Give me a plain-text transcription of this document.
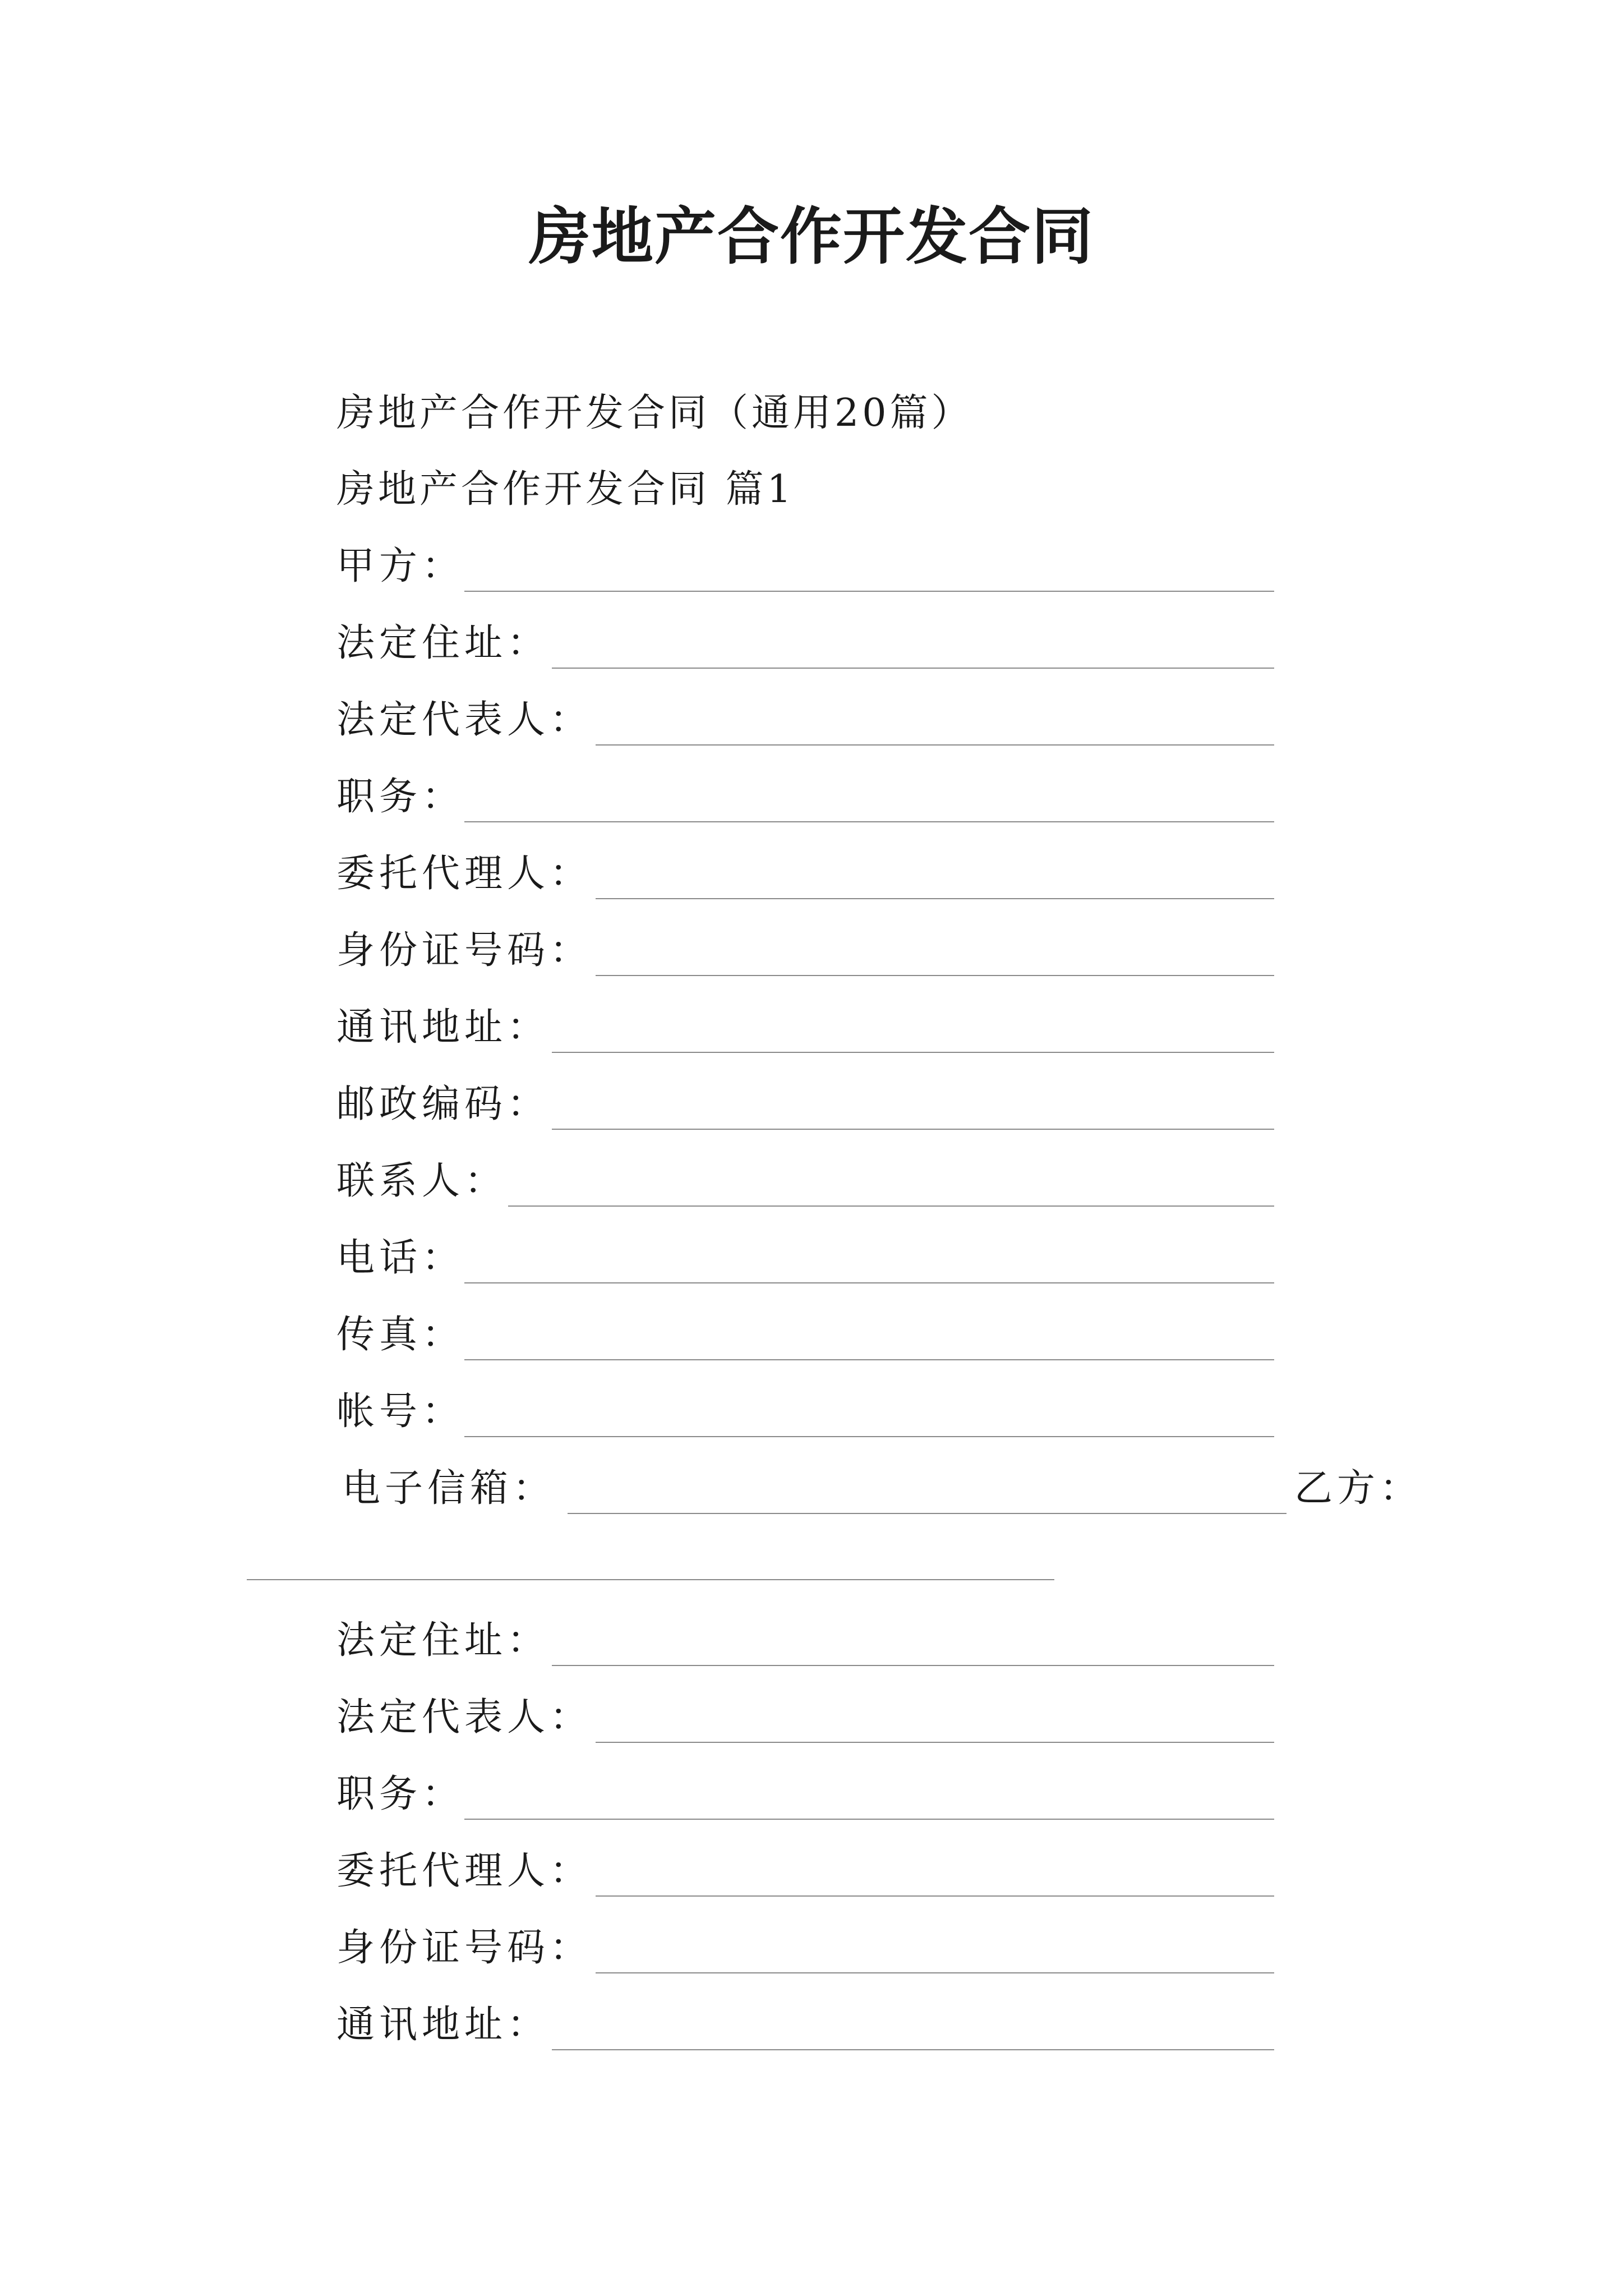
房地产合作开发合同
房地产合作开发合同（通用20篇）
房地产合作开发合同 篇1
甲方：
法定住址：
法定代表人：
职务：
委托代理人：
身份证号码：
通讯地址：
邮政编码：
联系人：
电话：
传真：
帐号：
电子信箱：	乙方：
法定住址：
法定代表人：
职务：
委托代理人：
身份证号码：
通讯地址：
